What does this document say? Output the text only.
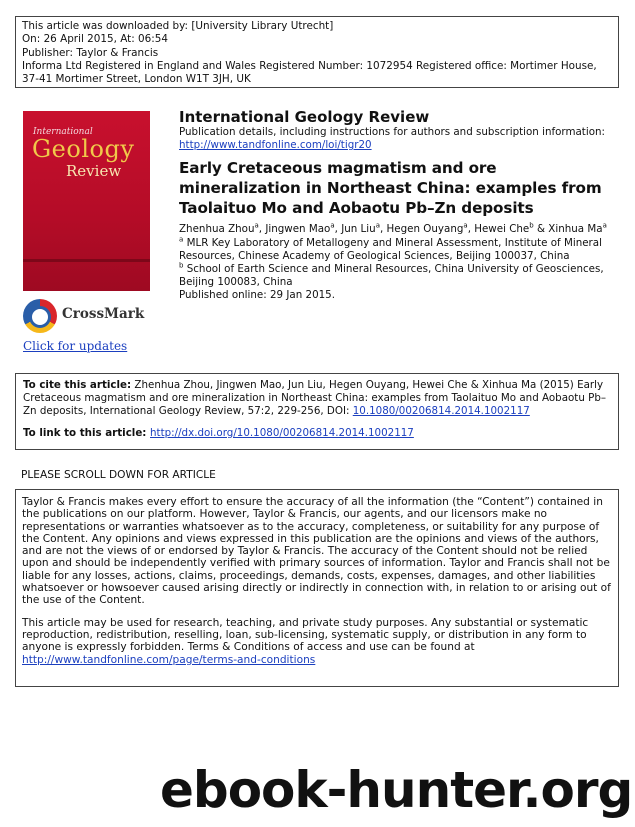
This article was downloaded by: [University Library Utrecht]
On: 26 April 2015, At: 06:54
Publisher: Taylor & Francis
Informa Ltd Registered in England and Wales Registered Number: 1072954 Registered office: Mortimer House,
37-41 Mortimer Street, London W1T 3JH, UK
International
Geology
Review
CrossMark
Click for updates
International Geology Review
Publication details, including instructions for authors and subscription information:
http://www.tandfonline.com/loi/tigr20
Early Cretaceous magmatism and ore mineralization in Northeast China: examples from Taolaituo Mo and Aobaotu Pb–Zn deposits
Zhenhua Zhou$^a$, Jingwen Mao$^a$, Jun Liu$^a$, Hegen Ouyang$^a$, Hewei Che$^b$ & Xinhua Ma$^a$
$^a$ MLR Key Laboratory of Metallogeny and Mineral Assessment, Institute of Mineral Resources, Chinese Academy of Geological Sciences, Beijing 100037, China
$^b$ School of Earth Science and Mineral Resources, China University of Geosciences, Beijing 100083, China
Published online: 29 Jan 2015.
To cite this article: Zhenhua Zhou, Jingwen Mao, Jun Liu, Hegen Ouyang, Hewei Che & Xinhua Ma (2015) Early Cretaceous magmatism and ore mineralization in Northeast China: examples from Taolaituo Mo and Aobaotu Pb–Zn deposits, International Geology Review, 57:2, 229-256, DOI: 10.1080/00206814.2014.1002117
To link to this article: http://dx.doi.org/10.1080/00206814.2014.1002117
PLEASE SCROLL DOWN FOR ARTICLE

Taylor & Francis makes every effort to ensure the accuracy of all the information (the “Content”) contained in the publications on our platform. However, Taylor & Francis, our agents, and our licensors make no representations or warranties whatsoever as to the accuracy, completeness, or suitability for any purpose of the Content. Any opinions and views expressed in this publication are the opinions and views of the authors, and are not the views of or endorsed by Taylor & Francis. The accuracy of the Content should not be relied upon and should be independently verified with primary sources of information. Taylor and Francis shall not be liable for any losses, actions, claims, proceedings, demands, costs, expenses, damages, and other liabilities whatsoever or howsoever caused arising directly or indirectly in connection with, in relation to or arising out of the use of the Content.

This article may be used for research, teaching, and private study purposes. Any substantial or systematic reproduction, redistribution, reselling, loan, sub-licensing, systematic supply, or distribution in any form to anyone is expressly forbidden. Terms & Conditions of access and use can be found at http://www.tandfonline.com/page/terms-and-conditions

ebook-hunter.org
